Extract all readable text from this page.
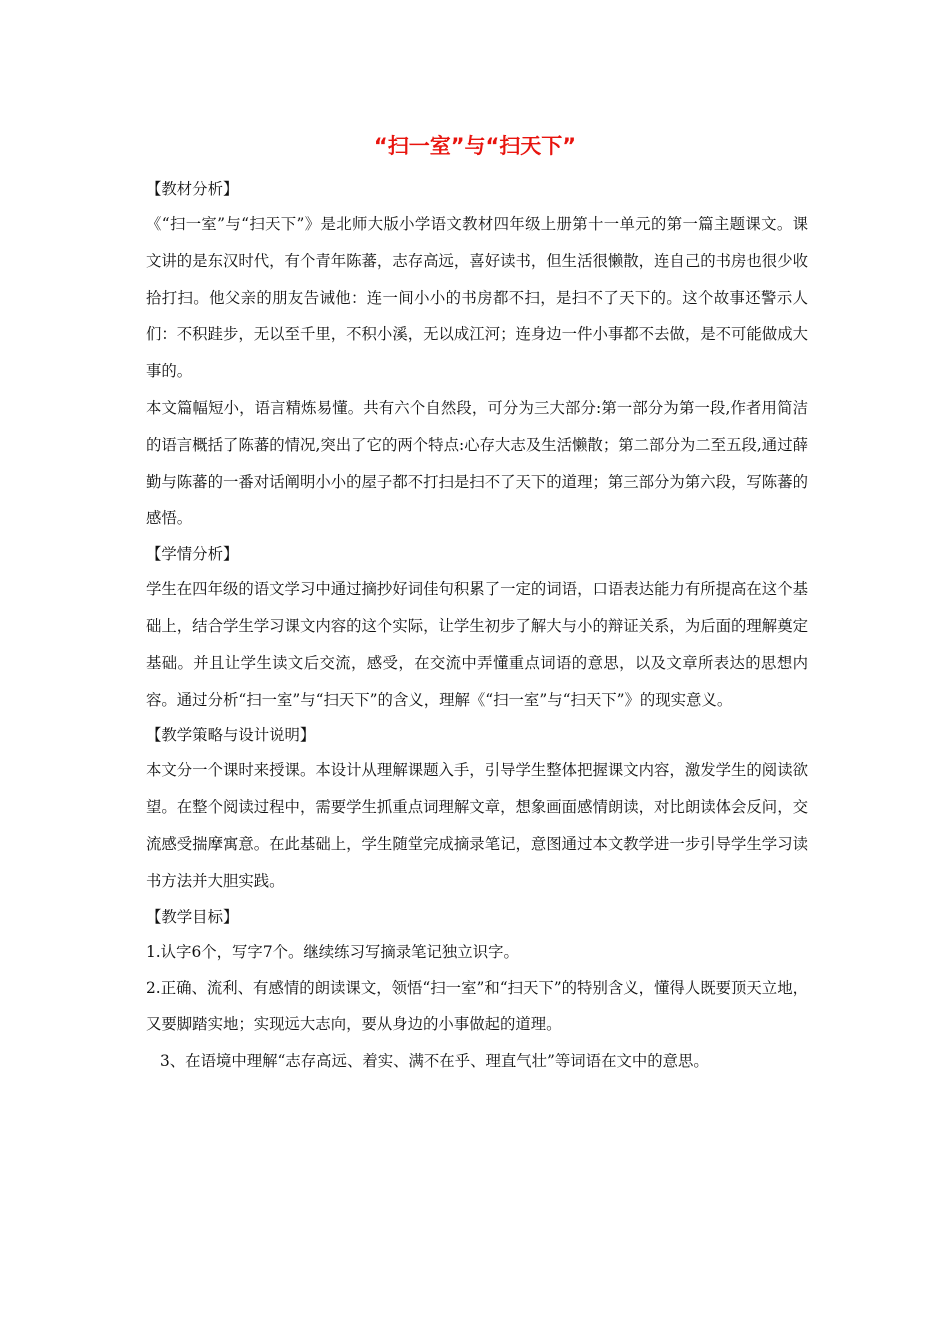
“扫一室”与“扫天下”
【教材分析】

《“扫一室”与“扫天下”》是北师大版小学语文教材四年级上册第十一单元的第一篇主题课文。课文讲的是东汉时代，有个青年陈蕃，志存高远，喜好读书，但生活很懒散，连自己的书房也很少收拾打扫。他父亲的朋友告诫他：连一间小小的书房都不扫，是扫不了天下的。这个故事还警示人们：不积跬步，无以至千里，不积小溪，无以成江河；连身边一件小事都不去做，是不可能做成大事的。

本文篇幅短小，语言精炼易懂。共有六个自然段，可分为三大部分:第一部分为第一段,作者用简洁的语言概括了陈蕃的情况,突出了它的两个特点:心存大志及生活懒散；第二部分为二至五段,通过薛勤与陈蕃的一番对话阐明小小的屋子都不打扫是扫不了天下的道理；第三部分为第六段，写陈蕃的感悟。

【学情分析】

学生在四年级的语文学习中通过摘抄好词佳句积累了一定的词语，口语表达能力有所提高在这个基础上，结合学生学习课文内容的这个实际，让学生初步了解大与小的辩证关系，为后面的理解奠定基础。并且让学生读文后交流，感受，在交流中弄懂重点词语的意思，以及文章所表达的思想内容。通过分析“扫一室”与“扫天下”的含义，理解《“扫一室”与“扫天下”》的现实意义。

【教学策略与设计说明】

本文分一个课时来授课。本设计从理解课题入手，引导学生整体把握课文内容，激发学生的阅读欲望。在整个阅读过程中，需要学生抓重点词理解文章，想象画面感情朗读，对比朗读体会反问，交流感受揣摩寓意。在此基础上，学生随堂完成摘录笔记，意图通过本文教学进一步引导学生学习读书方法并大胆实践。

【教学目标】
1.认字6个，写字7个。继续练习写摘录笔记独立识字。
2.正确、流利、有感情的朗读课文，领悟“扫一室”和“扫天下”的特别含义，懂得人既要顶天立地，又要脚踏实地；实现远大志向，要从身边的小事做起的道理。
3、在语境中理解“志存高远、着实、满不在乎、理直气壮”等词语在文中的意思。
